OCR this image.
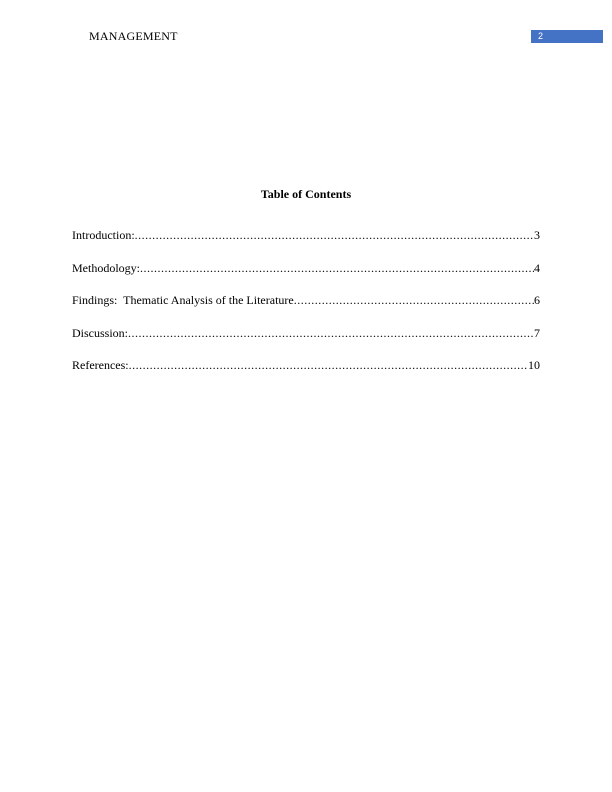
MANAGEMENT	2
Table of Contents
Introduction: .....	3
Methodology: .....	4
Findings:  Thematic Analysis of the Literature .....	6
Discussion: .....	7
References: .....	10
